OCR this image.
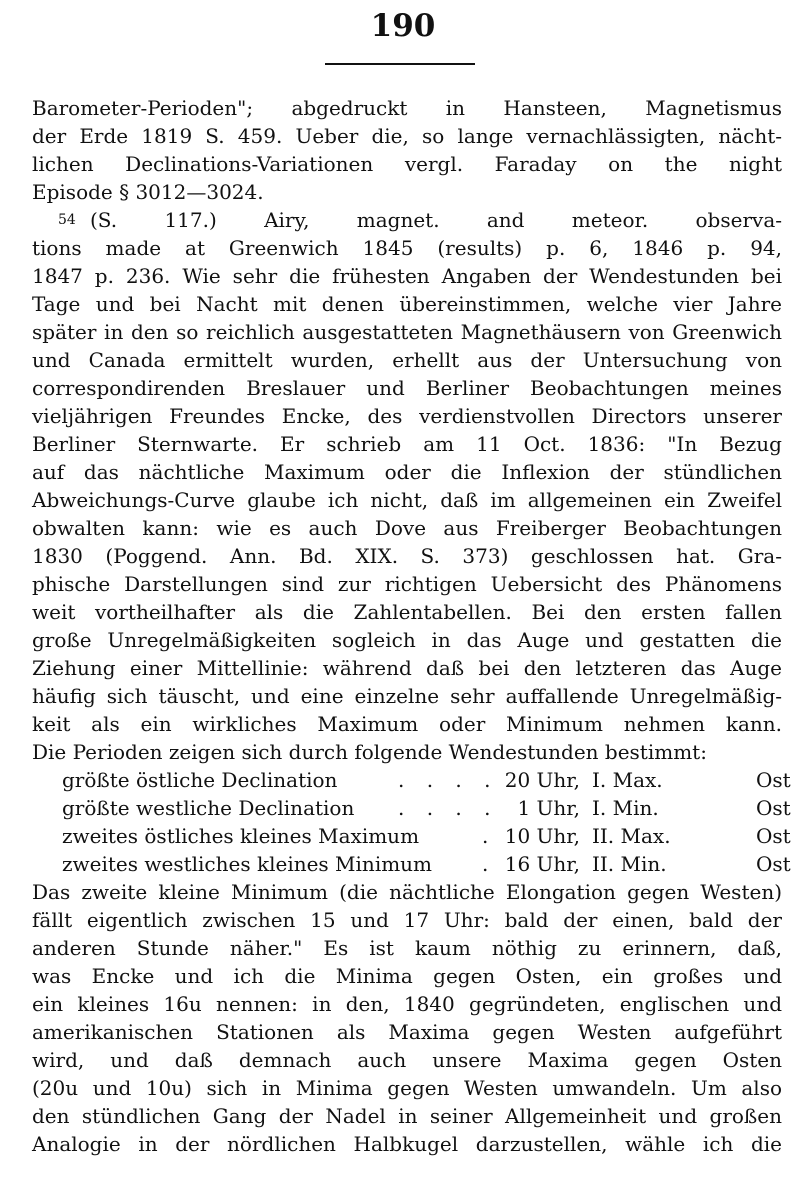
190
Barometer-Perioden"; abgedruckt in Hansteen, Magnetismus
der Erde 1819 S. 459. Ueber die, so lange vernachlässigten, nächt-
lichen Declinations-Variationen vergl. Faraday on the night
Episode § 3012—3024.
54 (S. 117.) Airy, magnet. and meteor. observa-
tions made at Greenwich 1845 (results) p. 6, 1846 p. 94,
1847 p. 236. Wie sehr die frühesten Angaben der Wendestunden bei
Tage und bei Nacht mit denen übereinstimmen, welche vier Jahre
später in den so reichlich ausgestatteten Magnethäusern von Greenwich
und Canada ermittelt wurden, erhellt aus der Untersuchung von
correspondirenden Breslauer und Berliner Beobachtungen meines
vieljährigen Freundes Encke, des verdienstvollen Directors unserer
Berliner Sternwarte. Er schrieb am 11 Oct. 1836: "In Bezug
auf das nächtliche Maximum oder die Inflexion der stündlichen
Abweichungs-Curve glaube ich nicht, daß im allgemeinen ein Zweifel
obwalten kann: wie es auch Dove aus Freiberger Beobachtungen
1830 (Poggend. Ann. Bd. XIX. S. 373) geschlossen hat. Gra-
phische Darstellungen sind zur richtigen Uebersicht des Phänomens
weit vortheilhafter als die Zahlentabellen. Bei den ersten fallen
große Unregelmäßigkeiten sogleich in das Auge und gestatten die
Ziehung einer Mittellinie: während daß bei den letzteren das Auge
häufig sich täuscht, und eine einzelne sehr auffallende Unregelmäßig-
keit als ein wirkliches Maximum oder Minimum nehmen kann.
Die Perioden zeigen sich durch folgende Wendestunden bestimmt:
größte östliche Declination	. . . . 20 Uhr, I. Max.	Ost
größte westliche Declination . . . . 1 Uhr, I. Min.	Ost
zweites östliches kleines Maximum	. 10 Uhr, II. Max.	Ost
zweites westliches kleines Minimum . 16 Uhr, II. Min.	Ost
Das zweite kleine Minimum (die nächtliche Elongation gegen Westen)
fällt eigentlich zwischen 15 und 17 Uhr: bald der einen, bald der
anderen Stunde näher." Es ist kaum nöthig zu erinnern, daß,
was Encke und ich die Minima gegen Osten, ein großes und
ein kleines 16u nennen: in den, 1840 gegründeten, englischen und
amerikanischen Stationen als Maxima gegen Westen aufgeführt
wird, und daß demnach auch unsere Maxima gegen Osten
(20u und 10u) sich in Minima gegen Westen umwandeln. Um also
den stündlichen Gang der Nadel in seiner Allgemeinheit und großen
Analogie in der nördlichen Halbkugel darzustellen, wähle ich die
